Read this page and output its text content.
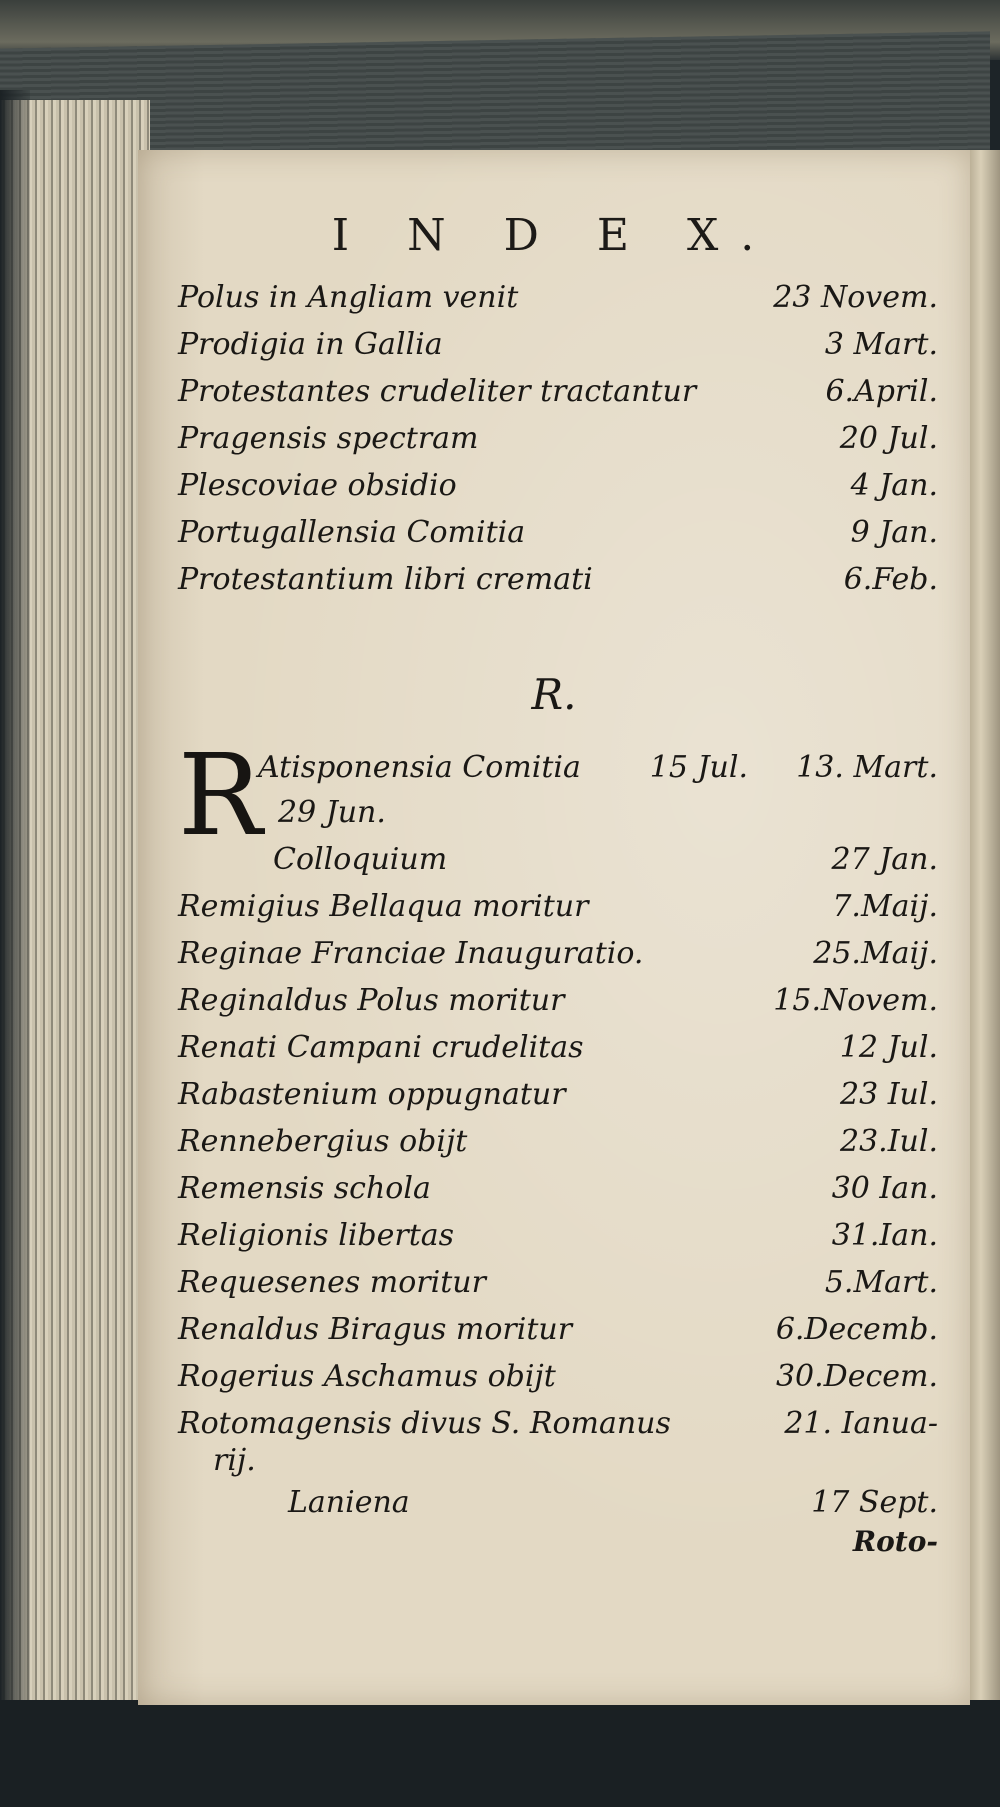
I N D E X.
Polus in Angliam venit	23 Novem.
Prodigia in Gallia	3 Mart.
Protestantes crudeliter tractantur	6.April.
Pragensis spectram	20 Jul.
Plescoviae obsidio	4 Jan.
Portugallensia Comitia	9 Jan.
Protestantium libri cremati	6.Feb.
R.
R
Atisponensia Comitia 15 Jul. 13. Mart.
29 Jun.
Colloquium	27 Jan.
Remigius Bellaqua moritur	7.Maij.
Reginae Franciae Inauguratio.	25.Maij.
Reginaldus Polus moritur	15.Novem.
Renati Campani crudelitas	12 Jul.
Rabastenium oppugnatur	23 Iul.
Rennebergius obijt	23.Iul.
Remensis schola	30 Ian.
Religionis libertas	31.Ian.
Requesenes moritur	5.Mart.
Renaldus Biragus moritur	6.Decemb.
Rogerius Aschamus obijt	30.Decem.
Rotomagensis divus S. Romanus	21. Ianua-
rij.
Lanienа	17 Sept.
Roto-
